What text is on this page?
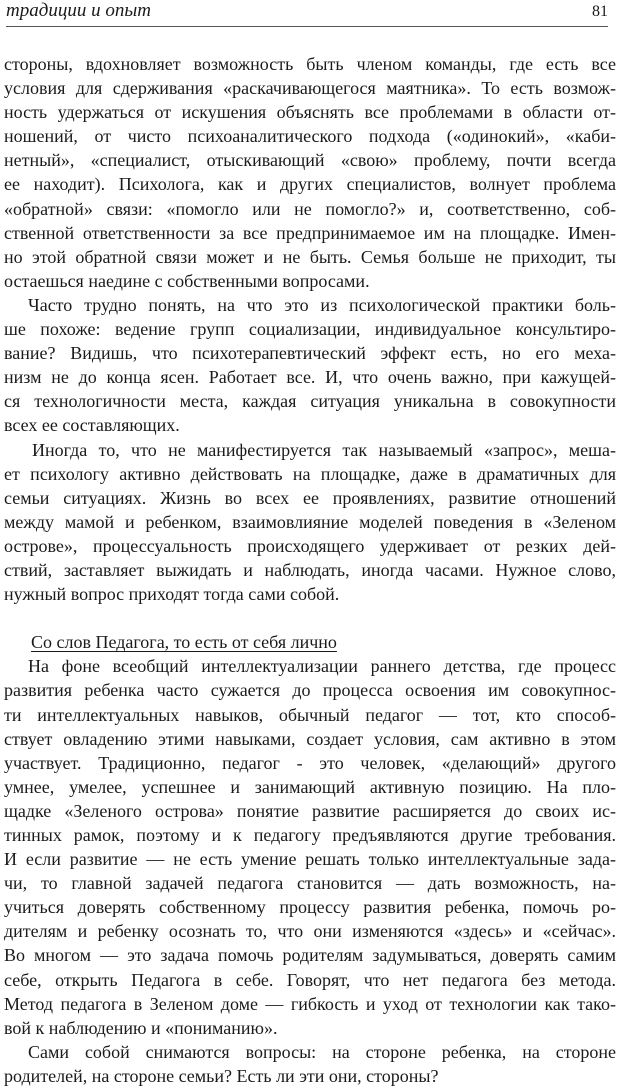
традиции и опыт	81
стороны, вдохновляет возможность быть членом команды, где есть все
условия для сдерживания «раскачивающегося маятника». То есть возмож-
ность удержаться от искушения объяснять все проблемами в области от-
ношений, от чисто психоаналитического подхода («одинокий», «каби-
нетный», «специалист, отыскивающий «свою» проблему, почти всегда
ее находит). Психолога, как и других специалистов, волнует проблема
«обратной» связи: «помогло или не помогло?» и, соответственно, соб-
ственной ответственности за все предпринимаемое им на площадке. Имен-
но этой обратной связи может и не быть. Семья больше не приходит, ты
остаешься наедине с собственными вопросами.
Часто трудно понять, на что это из психологической практики боль-
ше похоже: ведение групп социализации, индивидуальное консультиро-
вание? Видишь, что психотерапевтический эффект есть, но его меха-
низм не до конца ясен. Работает все. И, что очень важно, при кажущей-
ся технологичности места, каждая ситуация уникальна в совокупности
всех ее составляющих.
Иногда то, что не манифестируется так называемый «запрос», меша-
ет психологу активно действовать на площадке, даже в драматичных для
семьи ситуациях. Жизнь во всех ее проявлениях, развитие отношений
между мамой и ребенком, взаимовлияние моделей поведения в «Зеленом
острове», процессуальность происходящего удерживает от резких дей-
ствий, заставляет выжидать и наблюдать, иногда часами. Нужное слово,
нужный вопрос приходят тогда сами собой.
Со слов Педагога, то есть от себя лично
На фоне всеобщий интеллектуализации раннего детства, где процесс
развития ребенка часто сужается до процесса освоения им совокупнос-
ти интеллектуальных навыков, обычный педагог — тот, кто способ-
ствует овладению этими навыками, создает условия, сам активно в этом
участвует. Традиционно, педагог - это человек, «делающий» другого
умнее, умелее, успешнее и занимающий активную позицию. На пло-
щадке «Зеленого острова» понятие развитие расширяется до своих ис-
тинных рамок, поэтому и к педагогу предъявляются другие требования.
И если развитие — не есть умение решать только интеллектуальные зада-
чи, то главной задачей педагога становится — дать возможность, на-
учиться доверять собственному процессу развития ребенка, помочь ро-
дителям и ребенку осознать то, что они изменяются «здесь» и «сейчас».
Во многом — это задача помочь родителям задумываться, доверять самим
себе, открыть Педагога в себе. Говорят, что нет педагога без метода.
Метод педагога в Зеленом доме — гибкость и уход от технологии как тако-
вой к наблюдению и «пониманию».
Сами собой снимаются вопросы: на стороне ребенка, на стороне
родителей, на стороне семьи? Есть ли эти они, стороны?
